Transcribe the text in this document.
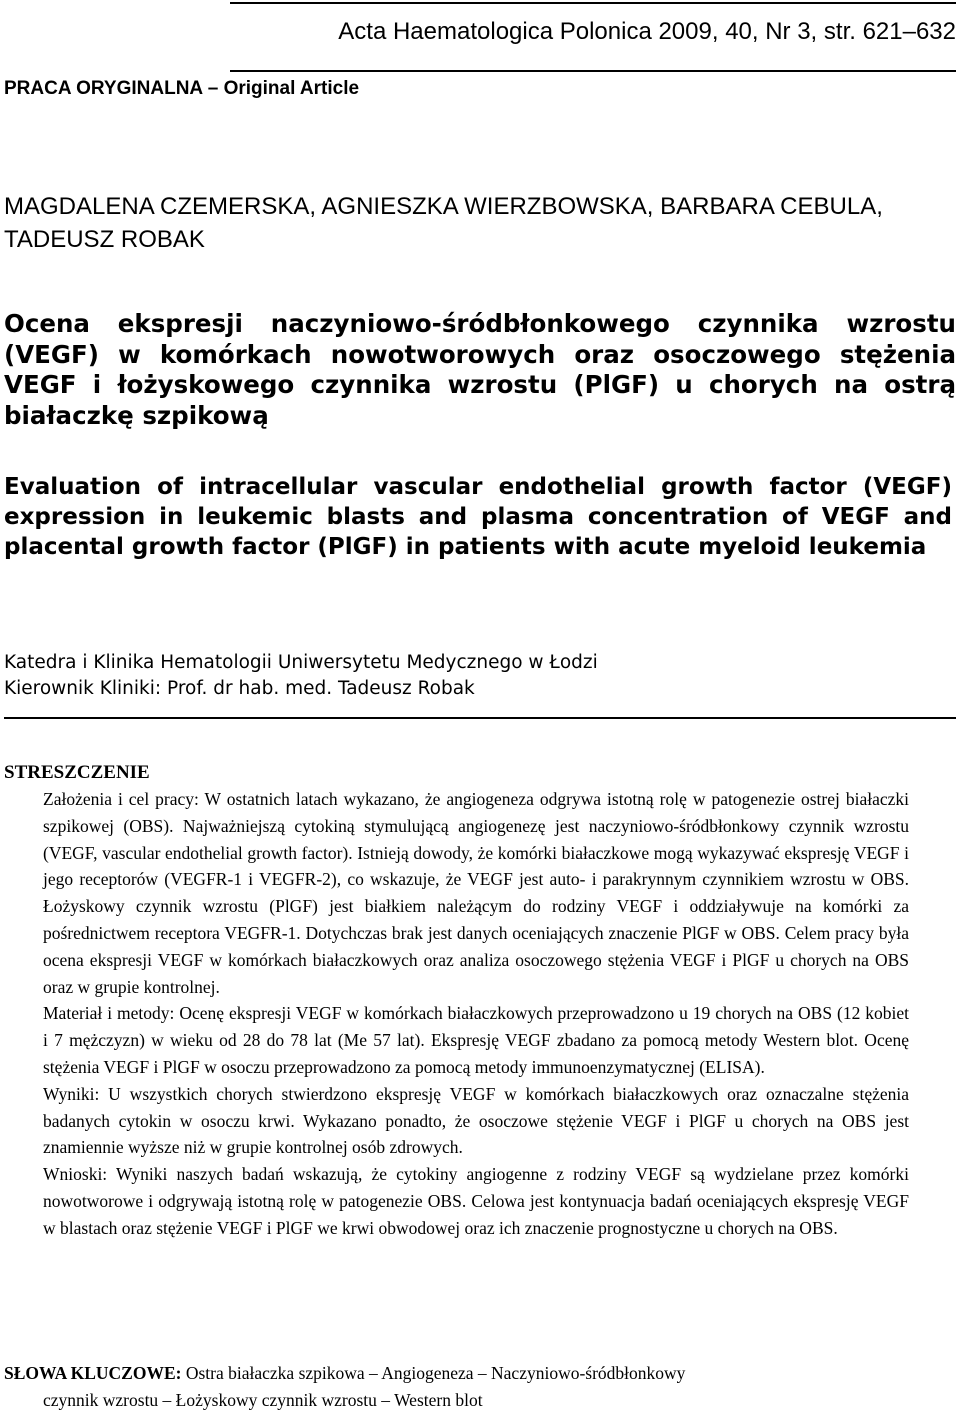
Acta Haematologica Polonica 2009, 40, Nr 3, str. 621–632
PRACA ORYGINALNA – Original Article
MAGDALENA CZEMERSKA, AGNIESZKA WIERZBOWSKA, BARBARA CEBULA, TADEUSZ ROBAK
Ocena ekspresji naczyniowo-śródbłonkowego czynnika wzrostu (VEGF) w komórkach nowotworowych oraz osoczowego stężenia VEGF i łożyskowego czynnika wzrostu (PlGF) u chorych na ostrą białaczkę szpikową
Evaluation of intracellular vascular endothelial growth factor (VEGF) expression in leukemic blasts and plasma concentration of VEGF and placental growth factor (PlGF) in patients with acute myeloid leukemia
Katedra i Klinika Hematologii Uniwersytetu Medycznego w Łodzi
Kierownik Kliniki: Prof. dr hab. med. Tadeusz Robak
STRESZCZENIE

Założenia i cel pracy: W ostatnich latach wykazano, że angiogeneza odgrywa istotną rolę w patogenezie ostrej białaczki szpikowej (OBS). Najważniejszą cytokiną stymulującą angiogenezę jest naczyniowo-śródbłonkowy czynnik wzrostu (VEGF, vascular endothelial growth factor). Istnieją dowody, że komórki białaczkowe mogą wykazywać ekspresję VEGF i jego receptorów (VEGFR-1 i VEGFR-2), co wskazuje, że VEGF jest auto- i parakrynnym czynnikiem wzrostu w OBS. Łożyskowy czynnik wzrostu (PlGF) jest białkiem należącym do rodziny VEGF i oddziaływuje na komórki za pośrednictwem receptora VEGFR-1. Dotychczas brak jest danych oceniających znaczenie PlGF w OBS. Celem pracy była ocena ekspresji VEGF w komórkach białaczkowych oraz analiza osoczowego stężenia VEGF i PlGF u chorych na OBS oraz w grupie kontrolnej.

Materiał i metody: Ocenę ekspresji VEGF w komórkach białaczkowych przeprowadzono u 19 chorych na OBS (12 kobiet i 7 mężczyzn) w wieku od 28 do 78 lat (Me 57 lat). Ekspresję VEGF zbadano za pomocą metody Western blot. Ocenę stężenia VEGF i PlGF w osoczu przeprowadzono za pomocą metody immunoenzymatycznej (ELISA).

Wyniki: U wszystkich chorych stwierdzono ekspresję VEGF w komórkach białaczkowych oraz oznaczalne stężenia badanych cytokin w osoczu krwi. Wykazano ponadto, że osoczowe stężenie VEGF i PlGF u chorych na OBS jest znamiennie wyższe niż w grupie kontrolnej osób zdrowych.

Wnioski: Wyniki naszych badań wskazują, że cytokiny angiogenne z rodziny VEGF są wydzielane przez komórki nowotworowe i odgrywają istotną rolę w patogenezie OBS. Celowa jest kontynuacja badań oceniających ekspresję VEGF w blastach oraz stężenie VEGF i PlGF we krwi obwodowej oraz ich znaczenie prognostyczne u chorych na OBS.

SŁOWA KLUCZOWE: Ostra białaczka szpikowa – Angiogeneza – Naczyniowo-śródbłonkowy
czynnik wzrostu – Łożyskowy czynnik wzrostu – Western blot
